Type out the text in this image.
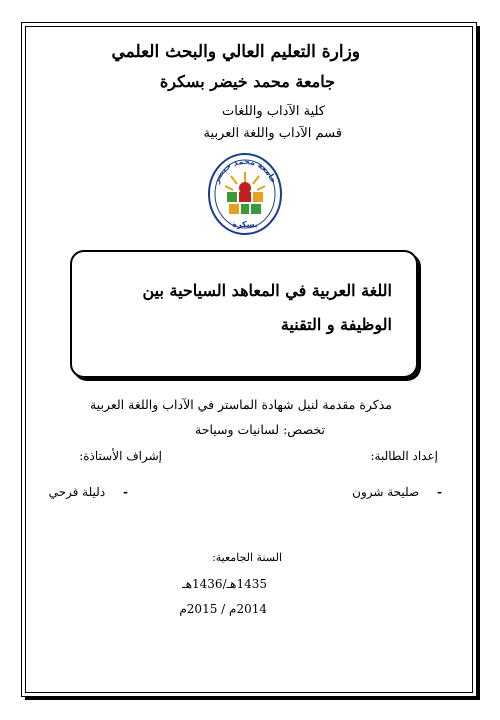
وزارة التعليم العالي والبحث العلمي
جامعة محمد خيضر بسكرة
كلية الآداب واللغات
قسم الآداب واللغة العربية
جامعة محمد خيضر
بسكرة
اللغة العربية في المعاهد السياحية بين الوظيفة و التقنية
مذكرة مقدمة لنيل شهادة الماستر في الآداب واللغة العربية
تخصص: لسانيات وسياحة
إعداد الطالبة:
إشراف الأستاذة:
- صليحة شرون
- دليلة فرحي
السنة الجامعية:
1435هـ/1436هـ
2014م / 2015م
